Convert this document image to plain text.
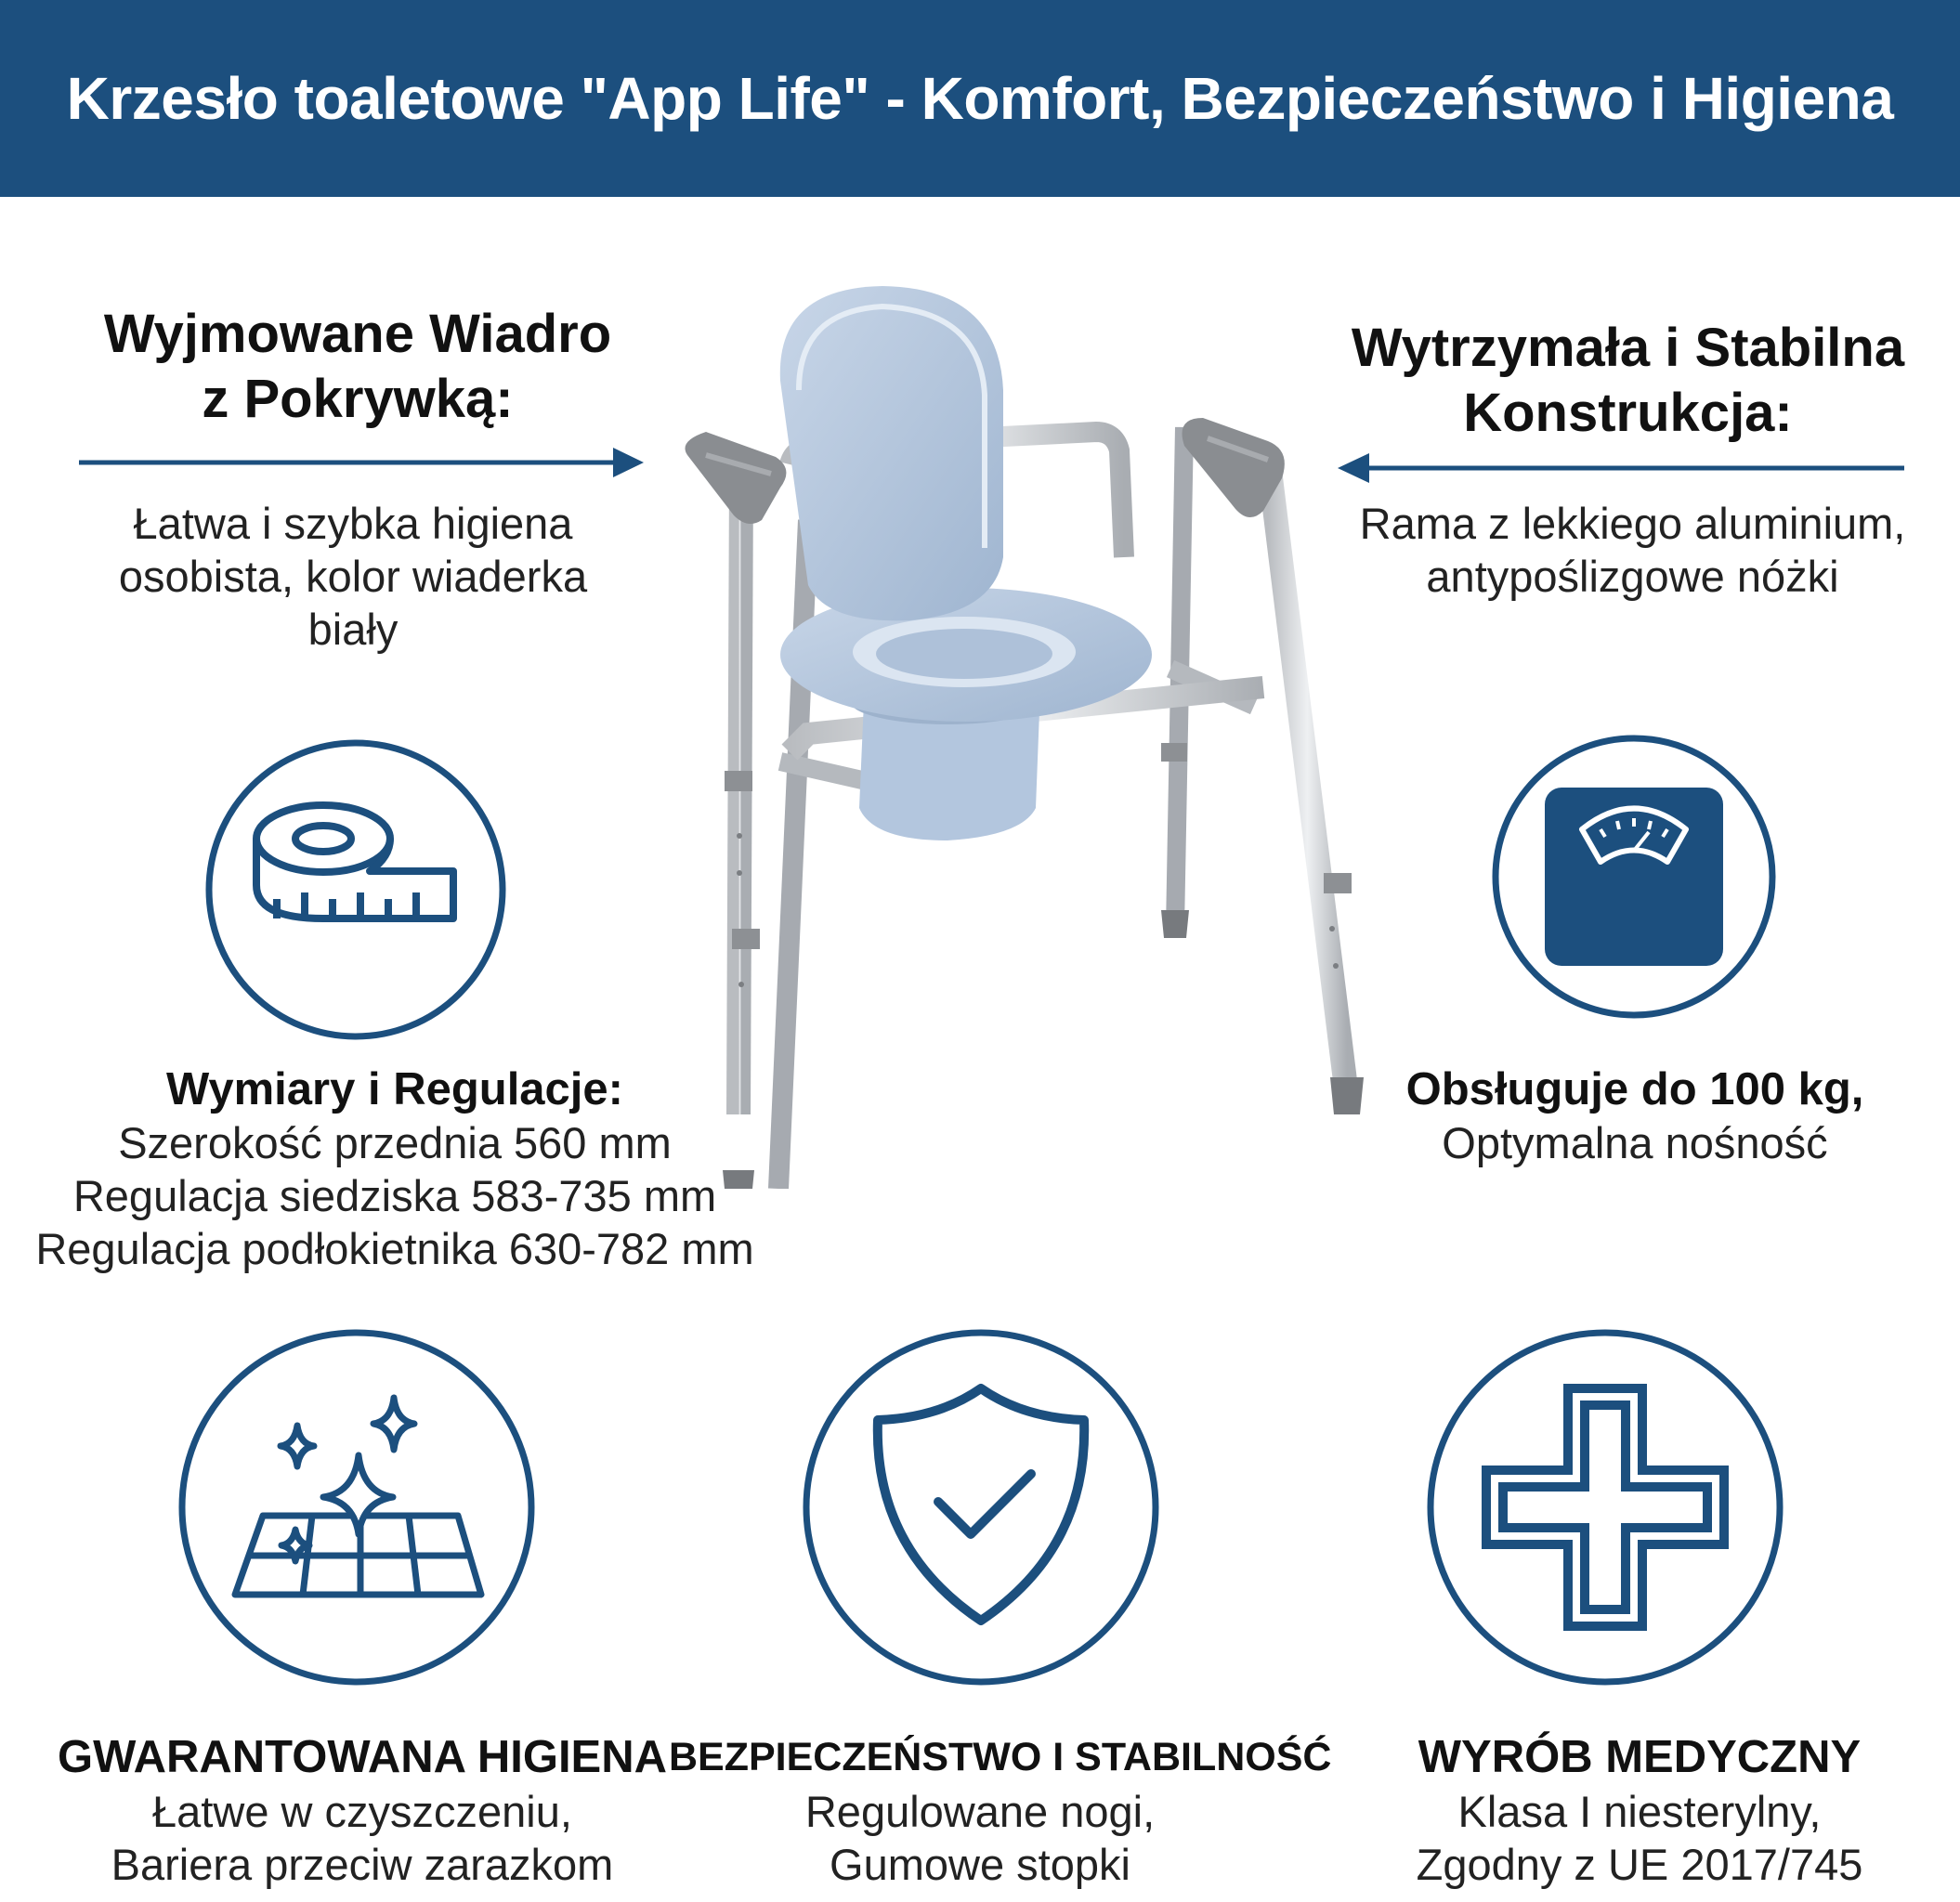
Krzesło toaletowe "App Life" - Komfort, Bezpieczeństwo i Higiena
Wyjmowane Wiadro
z Pokrywką:
Łatwa i szybka higiena
osobista, kolor wiaderka
biały
Wytrzymała i Stabilna
Konstrukcja:
Rama z lekkiego aluminium,
antypoślizgowe nóżki
Wymiary i Regulacje:
Szerokość przednia 560 mm
Regulacja siedziska 583-735 mm
Regulacja podłokietnika 630-782 mm
Obsługuje do 100 kg,
Optymalna nośność
GWARANTOWANA HIGIENA
Łatwe w czyszczeniu,
Bariera przeciw zarazkom
BEZPIECZEŃSTWO I STABILNOŚĆ
Regulowane nogi,
Gumowe stopki
WYRÓB MEDYCZNY
Klasa I niesterylny,
Zgodny z UE 2017/745
